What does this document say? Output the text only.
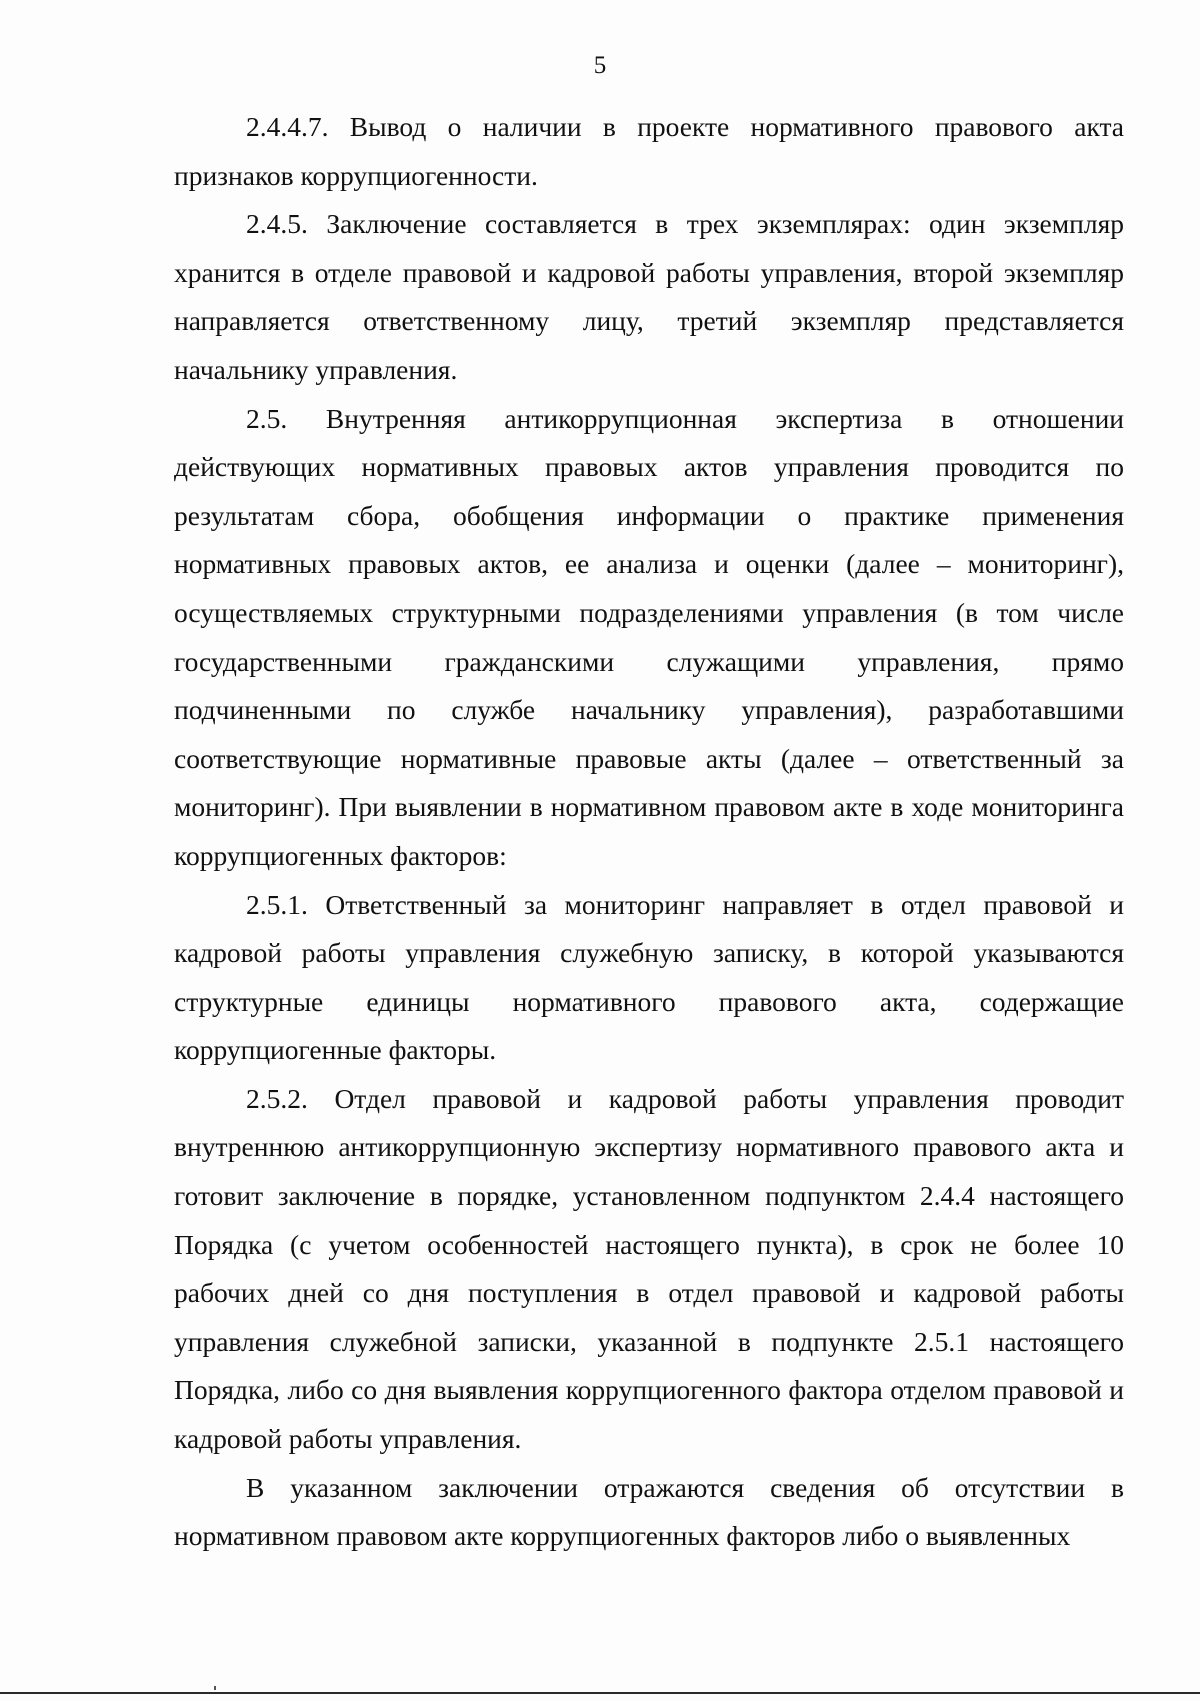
5

2.4.4.7. Вывод о наличии в проекте нормативного правового акта признаков коррупциогенности.

2.4.5. Заключение составляется в трех экземплярах: один экземпляр хранится в отделе правовой и кадровой работы управления, второй экземпляр направляется ответственному лицу, третий экземпляр представляется начальнику управления.

2.5. Внутренняя антикоррупционная экспертиза в отношении действующих нормативных правовых актов управления проводится по результатам сбора, обобщения информации о практике применения нормативных правовых актов, ее анализа и оценки (далее – мониторинг), осуществляемых структурными подразделениями управления (в том числе государственными гражданскими служащими управления, прямо подчиненными по службе начальнику управления), разработавшими соответствующие нормативные правовые акты (далее – ответственный за мониторинг). При выявлении в нормативном правовом акте в ходе мониторинга коррупциогенных факторов:

2.5.1. Ответственный за мониторинг направляет в отдел правовой и кадровой работы управления служебную записку, в которой указываются структурные единицы нормативного правового акта, содержащие коррупциогенные факторы.

2.5.2. Отдел правовой и кадровой работы управления проводит внутреннюю антикоррупционную экспертизу нормативного правового акта и готовит заключение в порядке, установленном подпунктом 2.4.4 настоящего Порядка (с учетом особенностей настоящего пункта), в срок не более 10 рабочих дней со дня поступления в отдел правовой и кадровой работы управления служебной записки, указанной в подпункте 2.5.1 настоящего Порядка, либо со дня выявления коррупциогенного фактора отделом правовой и кадровой работы управления.

В указанном заключении отражаются сведения об отсутствии в нормативном правовом акте коррупциогенных факторов либо о выявленных
